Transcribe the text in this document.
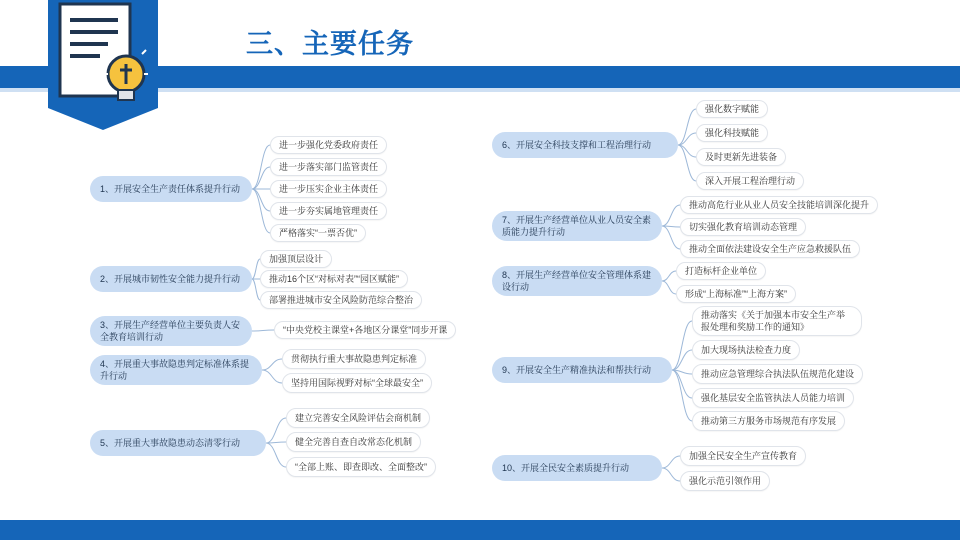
三、主要任务
1、开展安全生产责任体系提升行动
2、开展城市韧性安全能力提升行动
3、开展生产经营单位主要负责人安全教育培训行动
4、开展重大事故隐患判定标准体系提升行动
5、开展重大事故隐患动态清零行动
进一步强化党委政府责任
进一步落实部门监管责任
进一步压实企业主体责任
进一步夯实属地管理责任
严格落实“一票否优”
加强顶层设计
推动16个区“对标对表”“园区赋能”
部署推进城市安全风险防范综合整治
“中央党校主课堂+各地区分课堂”同步开课
贯彻执行重大事故隐患判定标准
坚持用国际视野对标“全球最安全”
建立完善安全风险评估会商机制
健全完善自查自改常态化机制
“全部上账、即查即改、全面整改”
6、开展安全科技支撑和工程治理行动
7、开展生产经营单位从业人员安全素质能力提升行动
8、开展生产经营单位安全管理体系建设行动
9、开展安全生产精准执法和帮扶行动
10、开展全民安全素质提升行动
强化数字赋能
强化科技赋能
及时更新先进装备
深入开展工程治理行动
推动高危行业从业人员安全技能培训深化提升
切实强化教育培训动态管理
推动全面依法建设安全生产应急救援队伍
打造标杆企业单位
形成“上海标准”“上海方案”
推动落实《关于加强本市安全生产举报处理和奖励工作的通知》
加大现场执法检查力度
推动应急管理综合执法队伍规范化建设
强化基层安全监管执法人员能力培训
推动第三方服务市场规范有序发展
加强全民安全生产宣传教育
强化示范引领作用
